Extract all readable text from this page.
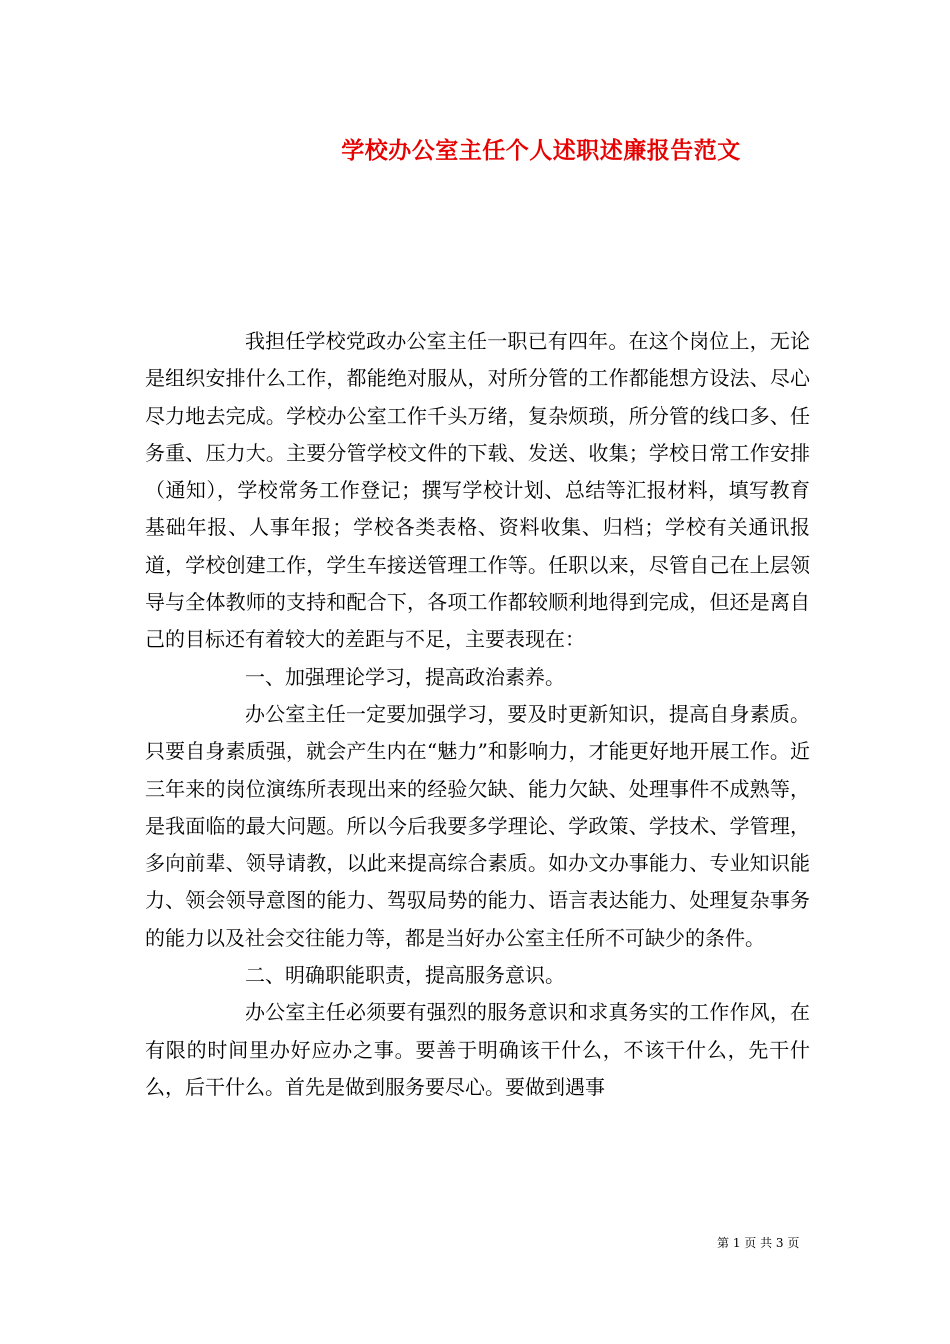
学校办公室主任个人述职述廉报告范文

我担任学校党政办公室主任一职已有四年。在这个岗位上，无论是组织安排什么工作，都能绝对服从，对所分管的工作都能想方设法、尽心尽力地去完成。学校办公室工作千头万绪，复杂烦琐，所分管的线口多、任务重、压力大。主要分管学校文件的下载、发送、收集；学校日常工作安排（通知），学校常务工作登记；撰写学校计划、总结等汇报材料，填写教育基础年报、人事年报；学校各类表格、资料收集、归档；学校有关通讯报道，学校创建工作，学生车接送管理工作等。任职以来，尽管自己在上层领导与全体教师的支持和配合下，各项工作都较顺利地得到完成，但还是离自己的目标还有着较大的差距与不足，主要表现在：

一、加强理论学习，提高政治素养。

办公室主任一定要加强学习，要及时更新知识，提高自身素质。只要自身素质强，就会产生内在“魅力”和影响力，才能更好地开展工作。近三年来的岗位演练所表现出来的经验欠缺、能力欠缺、处理事件不成熟等，是我面临的最大问题。所以今后我要多学理论、学政策、学技术、学管理，多向前辈、领导请教，以此来提高综合素质。如办文办事能力、专业知识能力、领会领导意图的能力、驾驭局势的能力、语言表达能力、处理复杂事务的能力以及社会交往能力等，都是当好办公室主任所不可缺少的条件。

二、明确职能职责，提高服务意识。

办公室主任必须要有强烈的服务意识和求真务实的工作作风，在有限的时间里办好应办之事。要善于明确该干什么，不该干什么，先干什么，后干什么。首先是做到服务要尽心。要做到遇事

第 1 页 共 3 页
